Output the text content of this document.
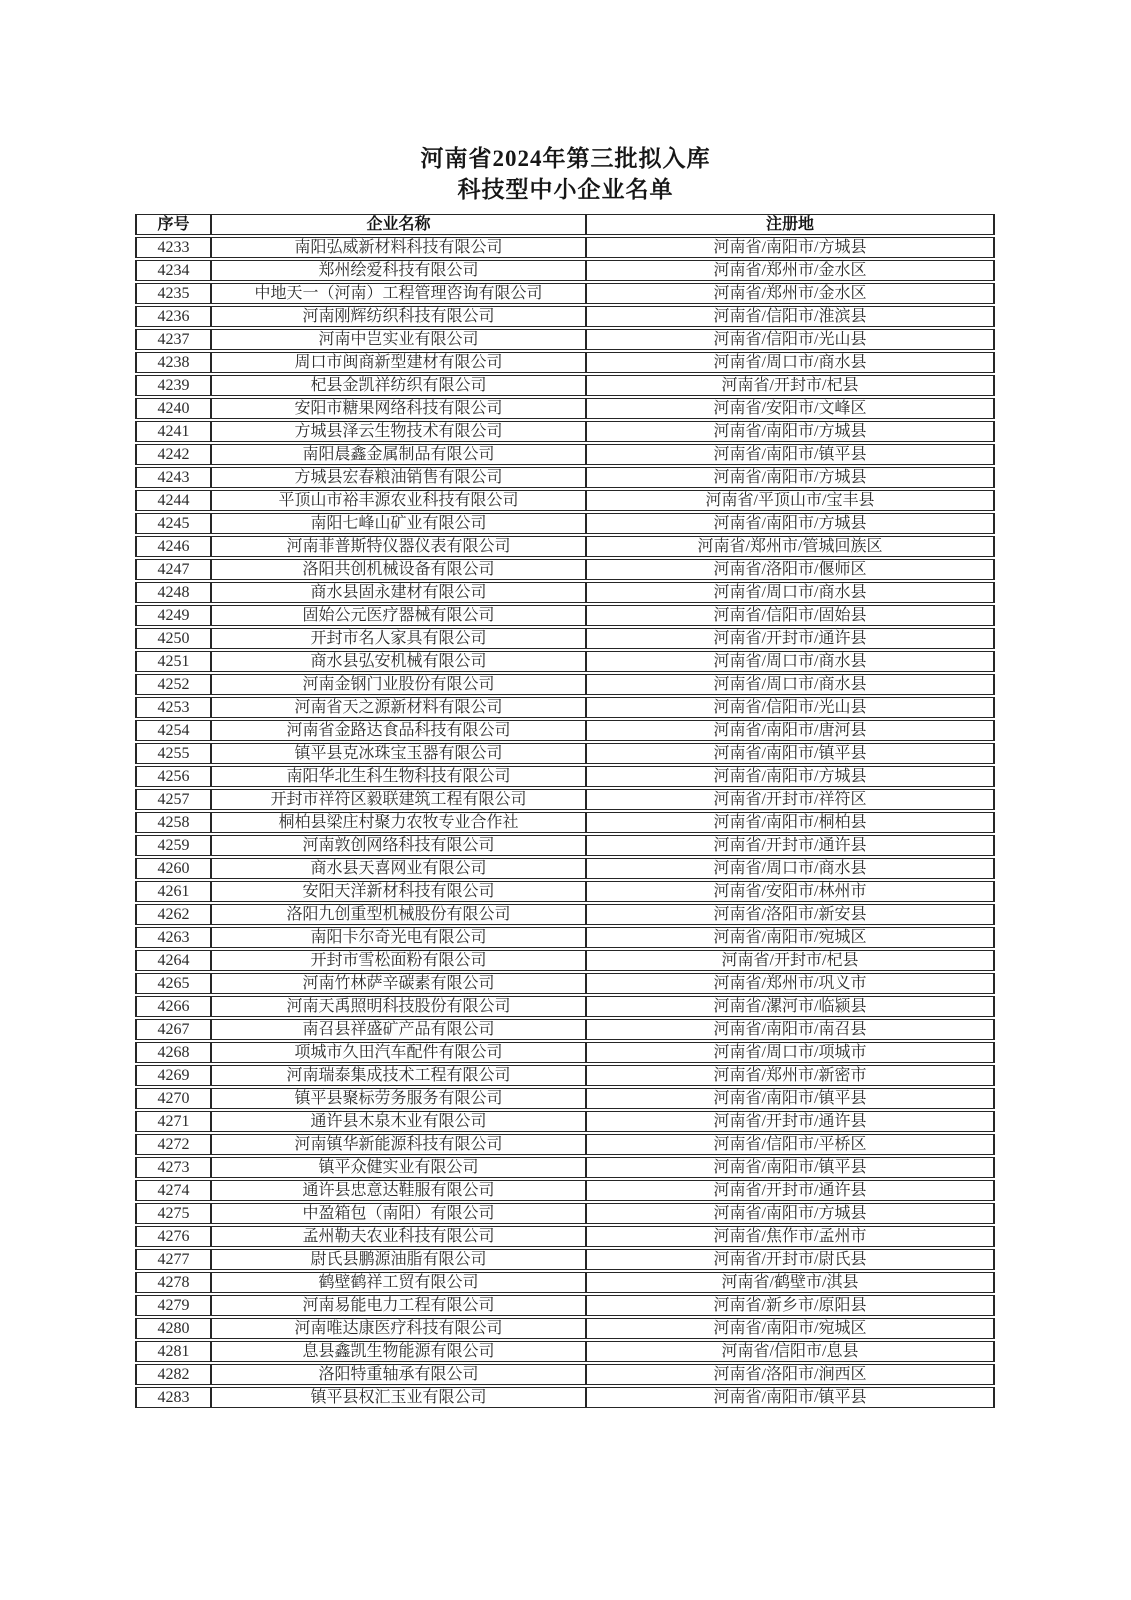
河南省2024年第三批拟入库
科技型中小企业名单
序号	企业名称	注册地
4233	南阳弘威新材料科技有限公司	河南省/南阳市/方城县
4234	郑州绘爱科技有限公司	河南省/郑州市/金水区
4235	中地天一（河南）工程管理咨询有限公司	河南省/郑州市/金水区
4236	河南刚辉纺织科技有限公司	河南省/信阳市/淮滨县
4237	河南中岂实业有限公司	河南省/信阳市/光山县
4238	周口市闽商新型建材有限公司	河南省/周口市/商水县
4239	杞县金凯祥纺织有限公司	河南省/开封市/杞县
4240	安阳市糖果网络科技有限公司	河南省/安阳市/文峰区
4241	方城县泽云生物技术有限公司	河南省/南阳市/方城县
4242	南阳晨鑫金属制品有限公司	河南省/南阳市/镇平县
4243	方城县宏春粮油销售有限公司	河南省/南阳市/方城县
4244	平顶山市裕丰源农业科技有限公司	河南省/平顶山市/宝丰县
4245	南阳七峰山矿业有限公司	河南省/南阳市/方城县
4246	河南菲普斯特仪器仪表有限公司	河南省/郑州市/管城回族区
4247	洛阳共创机械设备有限公司	河南省/洛阳市/偃师区
4248	商水县固永建材有限公司	河南省/周口市/商水县
4249	固始公元医疗器械有限公司	河南省/信阳市/固始县
4250	开封市名人家具有限公司	河南省/开封市/通许县
4251	商水县弘安机械有限公司	河南省/周口市/商水县
4252	河南金钢门业股份有限公司	河南省/周口市/商水县
4253	河南省天之源新材料有限公司	河南省/信阳市/光山县
4254	河南省金路达食品科技有限公司	河南省/南阳市/唐河县
4255	镇平县克冰珠宝玉器有限公司	河南省/南阳市/镇平县
4256	南阳华北生科生物科技有限公司	河南省/南阳市/方城县
4257	开封市祥符区毅联建筑工程有限公司	河南省/开封市/祥符区
4258	桐柏县梁庄村聚力农牧专业合作社	河南省/南阳市/桐柏县
4259	河南敦创网络科技有限公司	河南省/开封市/通许县
4260	商水县天喜网业有限公司	河南省/周口市/商水县
4261	安阳天洋新材科技有限公司	河南省/安阳市/林州市
4262	洛阳九创重型机械股份有限公司	河南省/洛阳市/新安县
4263	南阳卡尔奇光电有限公司	河南省/南阳市/宛城区
4264	开封市雪松面粉有限公司	河南省/开封市/杞县
4265	河南竹林萨辛碳素有限公司	河南省/郑州市/巩义市
4266	河南天禹照明科技股份有限公司	河南省/漯河市/临颍县
4267	南召县祥盛矿产品有限公司	河南省/南阳市/南召县
4268	项城市久田汽车配件有限公司	河南省/周口市/项城市
4269	河南瑞泰集成技术工程有限公司	河南省/郑州市/新密市
4270	镇平县聚标劳务服务有限公司	河南省/南阳市/镇平县
4271	通许县木泉木业有限公司	河南省/开封市/通许县
4272	河南镇华新能源科技有限公司	河南省/信阳市/平桥区
4273	镇平众健实业有限公司	河南省/南阳市/镇平县
4274	通许县忠意达鞋服有限公司	河南省/开封市/通许县
4275	中盈箱包（南阳）有限公司	河南省/南阳市/方城县
4276	孟州勒夫农业科技有限公司	河南省/焦作市/孟州市
4277	尉氏县鹏源油脂有限公司	河南省/开封市/尉氏县
4278	鹤壁鹤祥工贸有限公司	河南省/鹤壁市/淇县
4279	河南易能电力工程有限公司	河南省/新乡市/原阳县
4280	河南唯达康医疗科技有限公司	河南省/南阳市/宛城区
4281	息县鑫凯生物能源有限公司	河南省/信阳市/息县
4282	洛阳特重轴承有限公司	河南省/洛阳市/涧西区
4283	镇平县权汇玉业有限公司	河南省/南阳市/镇平县
